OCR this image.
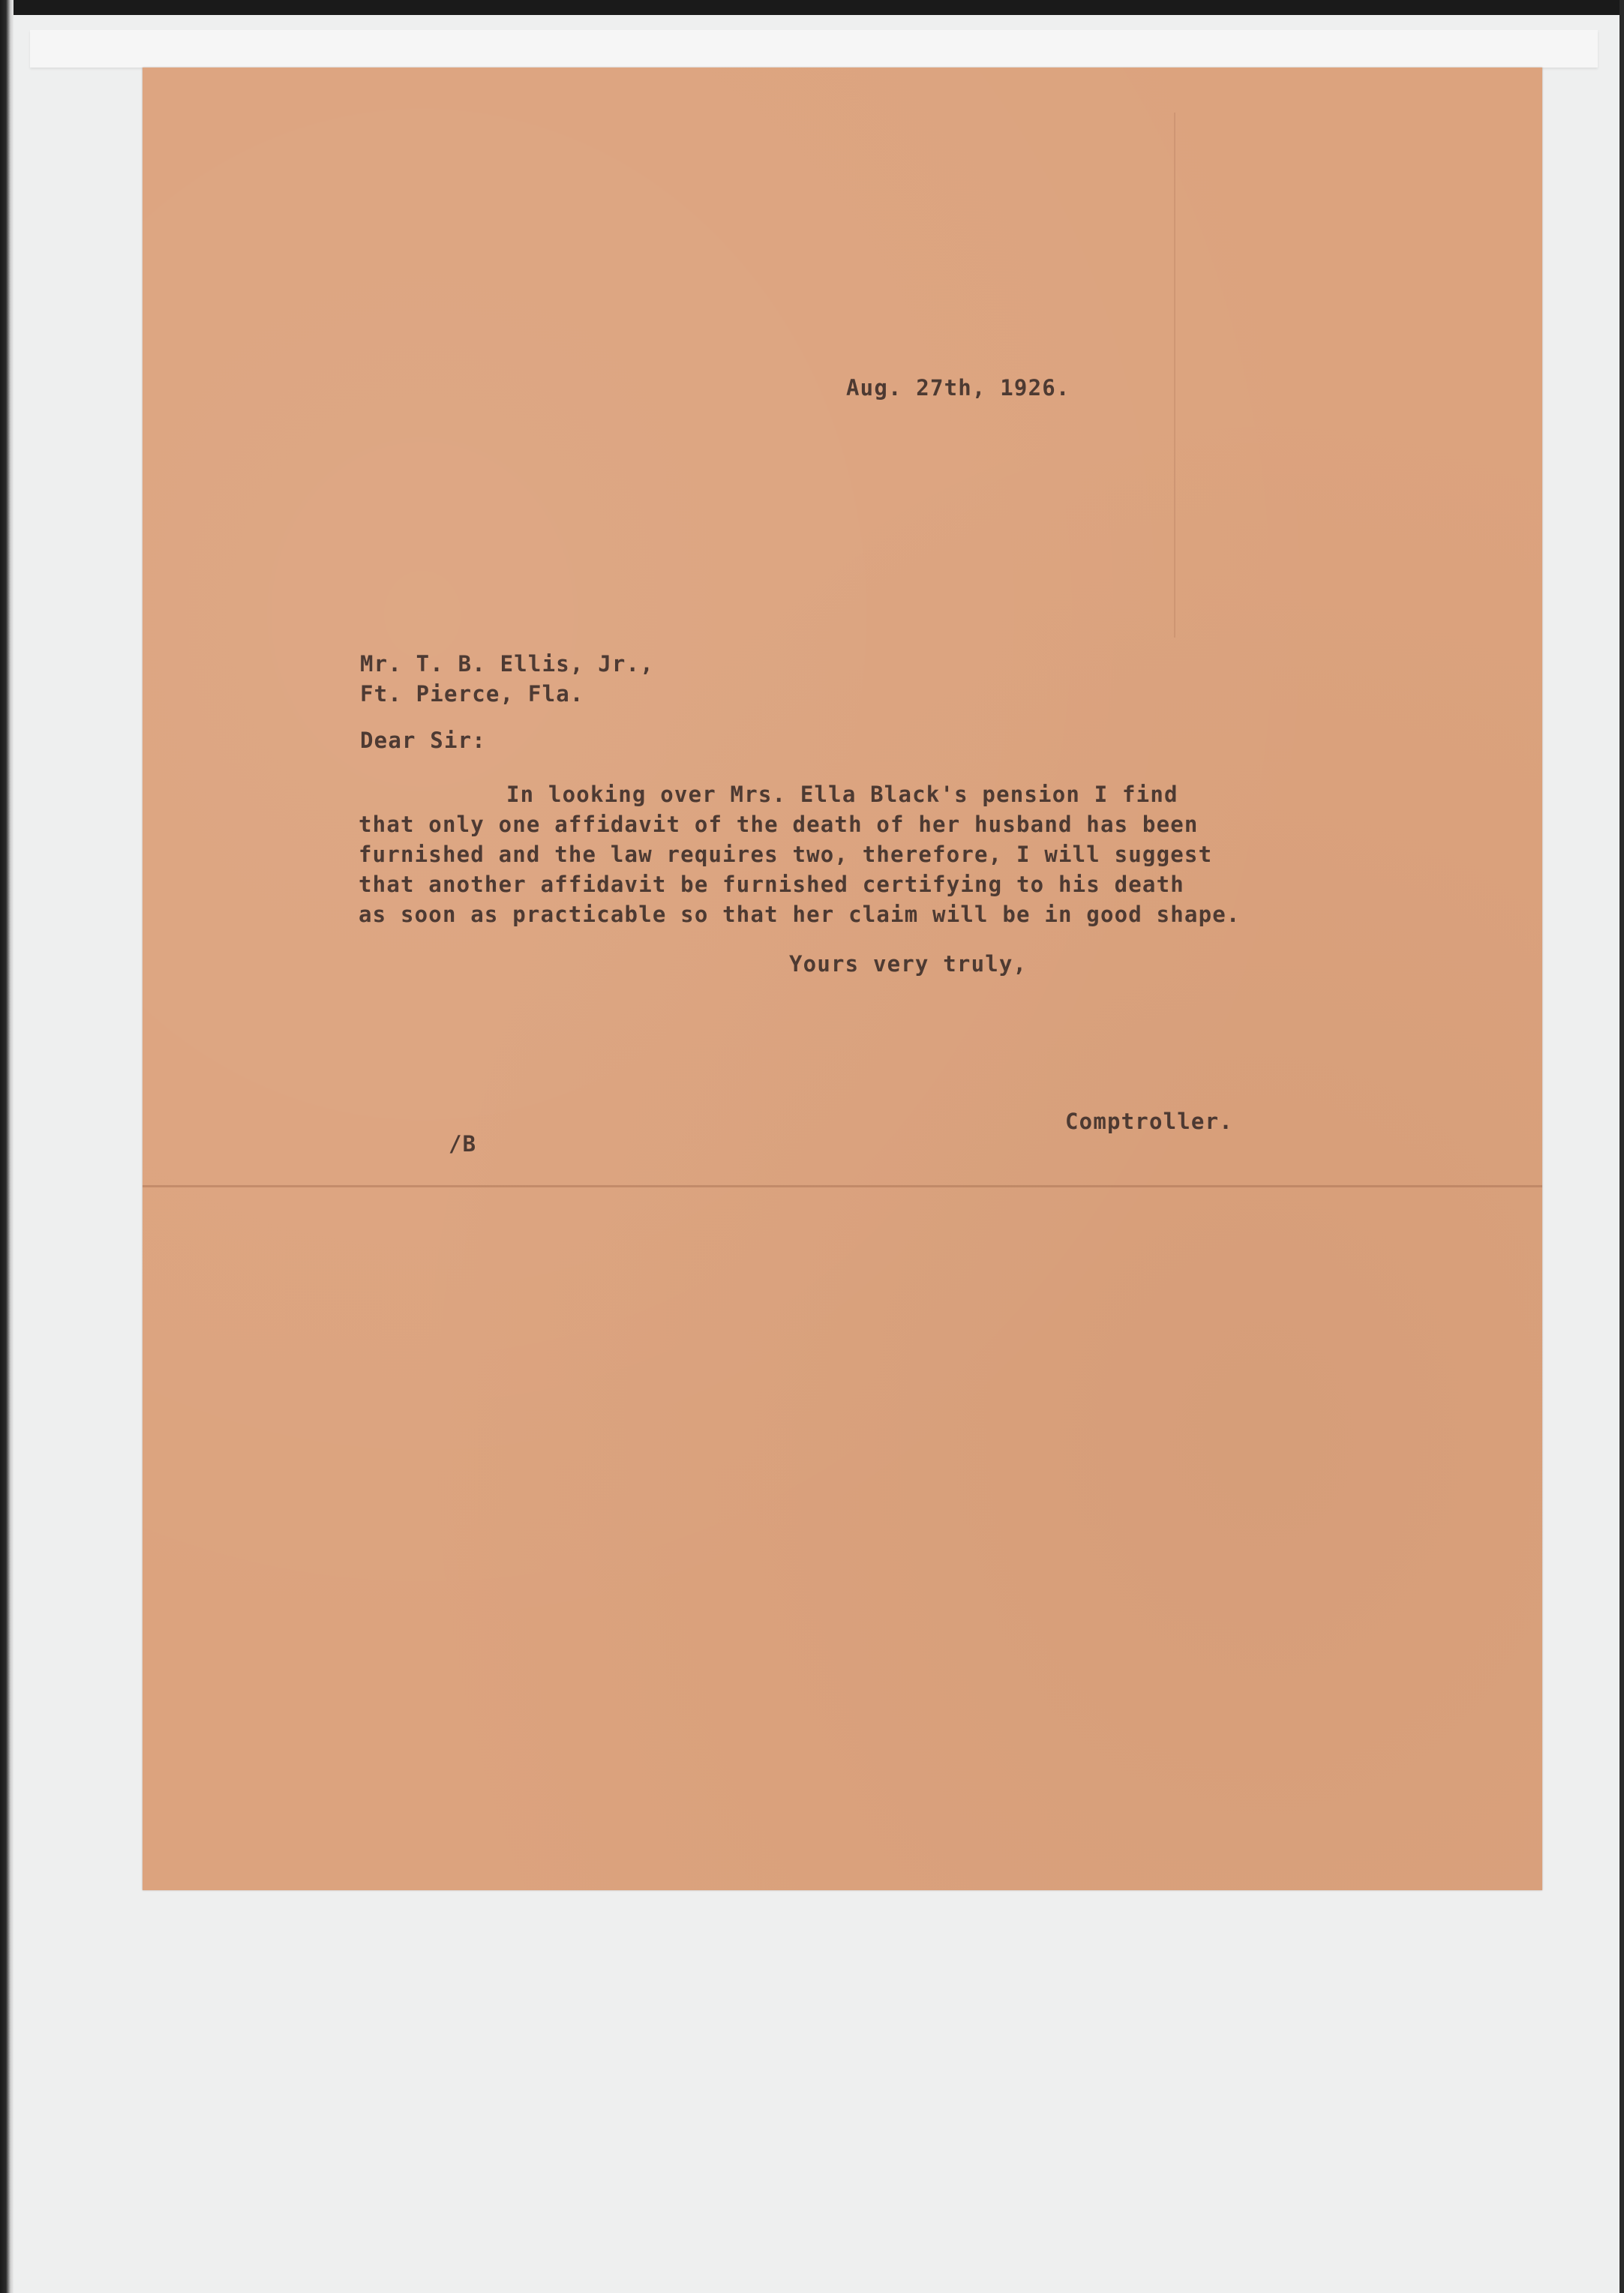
Aug. 27th, 1926.
Mr. T. B. Ellis, Jr.,
Ft. Pierce, Fla.
Dear Sir:
In looking over Mrs. Ella Black's pension I find
that only one affidavit of the death of her husband has been
furnished and the law requires two, therefore, I will suggest
that another affidavit be furnished certifying to his death
as soon as practicable so that her claim will be in good shape.
Yours very truly,
Comptroller.
/B
